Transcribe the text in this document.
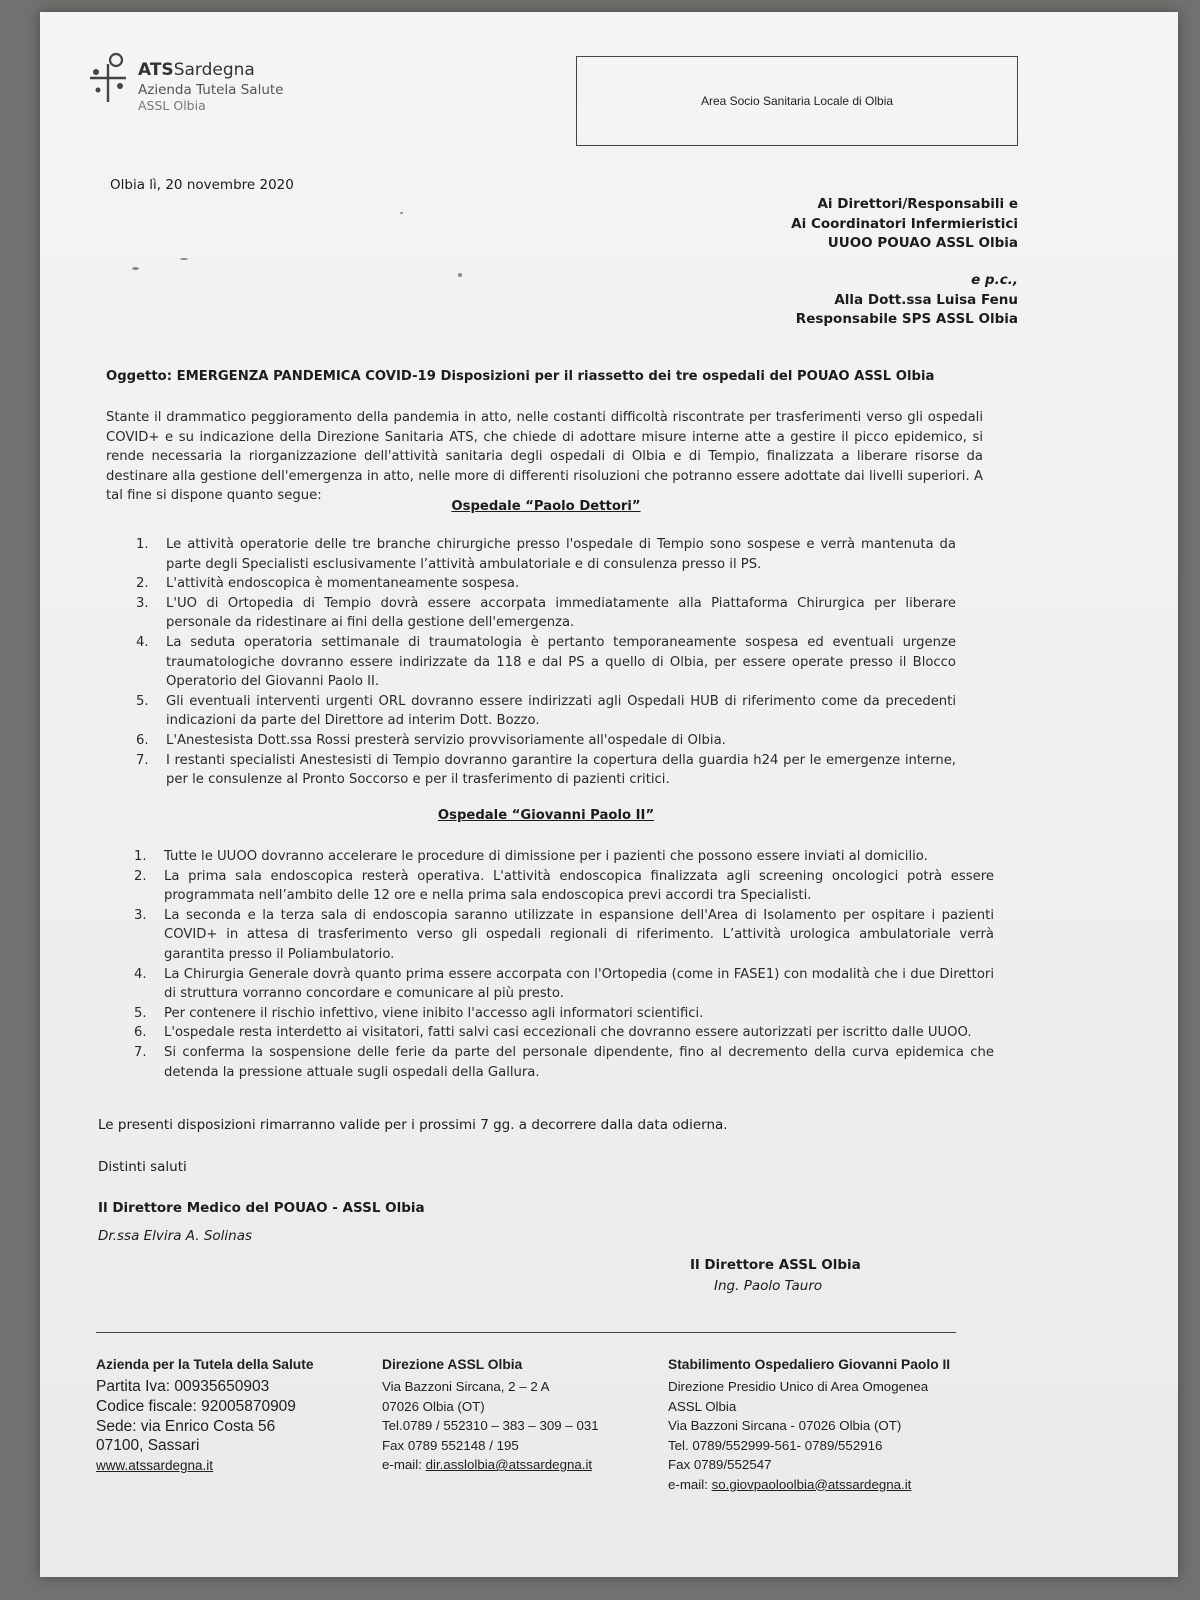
ATSSardegna
Azienda Tutela Salute
ASSL Olbia	Area Socio Sanitaria Locale di Olbia
Olbia lì, 20 novembre 2020
Ai Direttori/Responsabili e
Ai Coordinatori Infermieristici
UUOO POUAO ASSL Olbia
e p.c.,
Alla Dott.ssa Luisa Fenu
Responsabile SPS ASSL Olbia
Oggetto: EMERGENZA PANDEMICA COVID-19 Disposizioni per il riassetto dei tre ospedali del POUAO ASSL Olbia
Stante il drammatico peggioramento della pandemia in atto, nelle costanti difficoltà riscontrate per trasferimenti verso gli ospedali COVID+ e su indicazione della Direzione Sanitaria ATS, che chiede di adottare misure interne atte a gestire il picco epidemico, si rende necessaria la riorganizzazione dell'attività sanitaria degli ospedali di Olbia e di Tempio, finalizzata a liberare risorse da destinare alla gestione dell'emergenza in atto, nelle more di differenti risoluzioni che potranno essere adottate dai livelli superiori. A tal fine si dispone quanto segue:
Ospedale “Paolo Dettori”
1. Le attività operatorie delle tre branche chirurgiche presso l'ospedale di Tempio sono sospese e verrà mantenuta da parte degli Specialisti esclusivamente l’attività ambulatoriale e di consulenza presso il PS.
2. L'attività endoscopica è momentaneamente sospesa.
3. L'UO di Ortopedia di Tempio dovrà essere accorpata immediatamente alla Piattaforma Chirurgica per liberare personale da ridestinare ai fini della gestione dell'emergenza.
4. La seduta operatoria settimanale di traumatologia è pertanto temporaneamente sospesa ed eventuali urgenze traumatologiche dovranno essere indirizzate da 118 e dal PS a quello di Olbia, per essere operate presso il Blocco Operatorio del Giovanni Paolo II.
5. Gli eventuali interventi urgenti ORL dovranno essere indirizzati agli Ospedali HUB di riferimento come da precedenti indicazioni da parte del Direttore ad interim Dott. Bozzo.
6. L'Anestesista Dott.ssa Rossi presterà servizio provvisoriamente all'ospedale di Olbia.
7. I restanti specialisti Anestesisti di Tempio dovranno garantire la copertura della guardia h24 per le emergenze interne, per le consulenze al Pronto Soccorso e per il trasferimento di pazienti critici.
Ospedale “Giovanni Paolo II”
1. Tutte le UUOO dovranno accelerare le procedure di dimissione per i pazienti che possono essere inviati al domicilio.
2. La prima sala endoscopica resterà operativa. L'attività endoscopica finalizzata agli screening oncologici potrà essere programmata nell’ambito delle 12 ore e nella prima sala endoscopica previ accordi tra Specialisti.
3. La seconda e la terza sala di endoscopia saranno utilizzate in espansione dell'Area di Isolamento per ospitare i pazienti COVID+ in attesa di trasferimento verso gli ospedali regionali di riferimento. L’attività urologica ambulatoriale verrà garantita presso il Poliambulatorio.
4. La Chirurgia Generale dovrà quanto prima essere accorpata con l'Ortopedia (come in FASE1) con modalità che i due Direttori di struttura vorranno concordare e comunicare al più presto.
5. Per contenere il rischio infettivo, viene inibito l'accesso agli informatori scientifici.
6. L'ospedale resta interdetto ai visitatori, fatti salvi casi eccezionali che dovranno essere autorizzati per iscritto dalle UUOO.
7. Si conferma la sospensione delle ferie da parte del personale dipendente, fino al decremento della curva epidemica che detenda la pressione attuale sugli ospedali della Gallura.
Le presenti disposizioni rimarranno valide per i prossimi 7 gg. a decorrere dalla data odierna.
Distinti saluti
Il Direttore Medico del POUAO - ASSL Olbia
Dr.ssa Elvira A. Solinas
Il Direttore ASSL Olbia
Ing. Paolo Tauro
Azienda per la Tutela della Salute
Partita Iva: 00935650903
Codice fiscale: 92005870909
Sede: via Enrico Costa 56
07100, Sassari
www.atssardegna.it
Direzione ASSL Olbia
Via Bazzoni Sircana, 2 – 2 A
07026 Olbia (OT)
Tel.0789 / 552310 – 383 – 309 – 031
Fax 0789 552148 / 195
e-mail: dir.asslolbia@atssardegna.it
Stabilimento Ospedaliero Giovanni Paolo II
Direzione Presidio Unico di Area Omogenea
ASSL Olbia
Via Bazzoni Sircana - 07026 Olbia (OT)
Tel. 0789/552999-561- 0789/552916
Fax 0789/552547
e-mail: so.giovpaoloolbia@atssardegna.it
